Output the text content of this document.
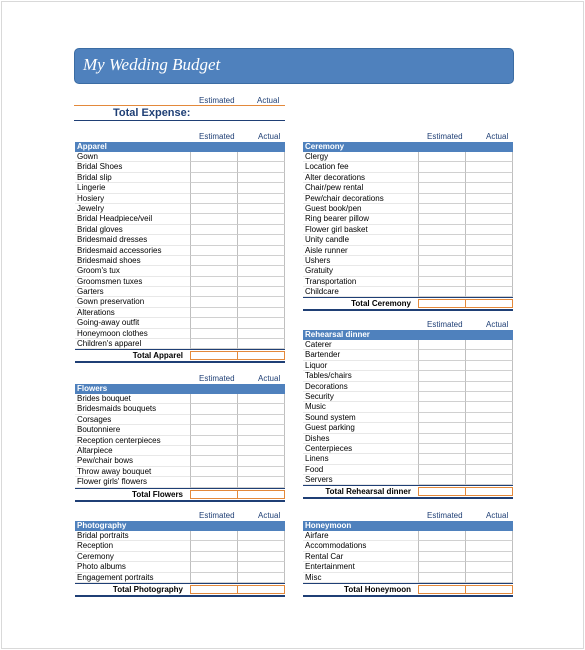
My Wedding Budget
Estimated	Actual
Total Expense:
Estimated	Actual
Apparel
Gown
Bridal Shoes
Bridal slip
Lingerie
Hosiery
Jewelry
Bridal Headpiece/veil
Bridal gloves
Bridesmaid dresses
Bridesmaid accessories
Bridesmaid shoes
Groom's tux
Groomsmen tuxes
Garters
Gown preservation
Alterations
Going-away outfit
Honeymoon clothes
Children's apparel
Total Apparel
Estimated	Actual
Ceremony
Clergy
Location fee
Alter decorations
Chair/pew rental
Pew/chair decorations
Guest book/pen
Ring bearer pillow
Flower girl basket
Unity candle
Aisle runner
Ushers
Gratuity
Transportation
Childcare
Total Ceremony
Estimated	Actual
Rehearsal dinner
Caterer
Bartender
Liquor
Tables/chairs
Decorations
Security
Music
Sound system
Guest parking
Dishes
Centerpieces
Linens
Food
Servers
Total Rehearsal dinner
Estimated	Actual
Flowers
Brides bouquet
Bridesmaids bouquets
Corsages
Boutonniere
Reception centerpieces
Altarpiece
Pew/chair bows
Throw away bouquet
Flower girls' flowers
Total Flowers
Estimated	Actual
Photography
Bridal portraits
Reception
Ceremony
Photo albums
Engagement portraits
Total Photography
Estimated	Actual
Honeymoon
Airfare
Accommodations
Rental Car
Entertainment
Misc
Total Honeymoon
